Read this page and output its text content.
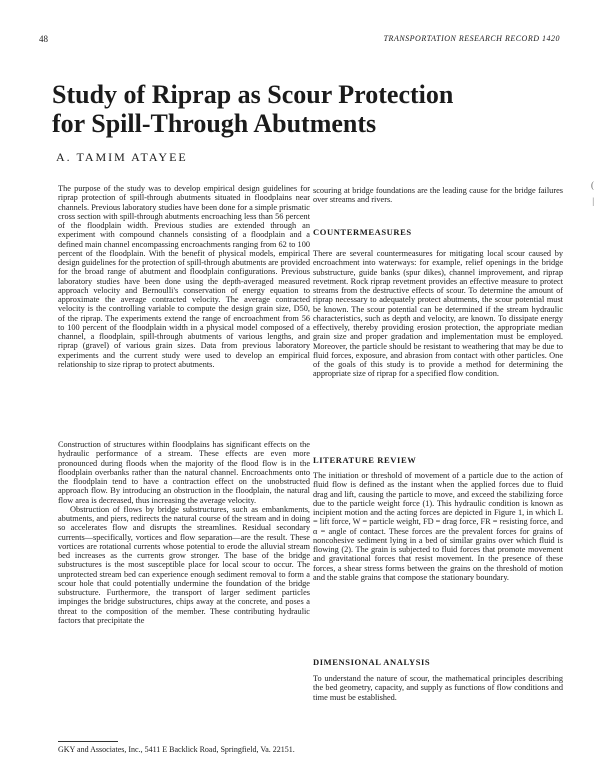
48	TRANSPORTATION RESEARCH RECORD 1420
Study of Riprap as Scour Protection for Spill-Through Abutments
A. TAMIM ATAYEE

The purpose of the study was to develop empirical design guidelines for riprap protection of spill-through abutments situated in floodplains near channels. Previous laboratory studies have been done for a simple prismatic cross section with spill-through abutments encroaching less than 56 percent of the floodplain width. Previous studies are extended through an experiment with compound channels consisting of a floodplain and a defined main channel encompassing encroachments ranging from 62 to 100 percent of the floodplain. With the benefit of physical models, empirical design guidelines for the protection of spill-through abutments are provided for the broad range of abutment and floodplain configurations. Previous laboratory studies have been done using the depth-averaged measured approach velocity and Bernoulli's conservation of energy equation to approximate the average contracted velocity. The average contracted velocity is the controlling variable to compute the design grain size, D50, of the riprap. The experiments extend the range of encroachment from 56 to 100 percent of the floodplain width in a physical model composed of a channel, a floodplain, spill-through abutments of various lengths, and riprap (gravel) of various grain sizes. Data from previous laboratory experiments and the current study were used to develop an empirical relationship to size riprap to protect abutments.

Construction of structures within floodplains has significant effects on the hydraulic performance of a stream. These effects are even more pronounced during floods when the majority of the flood flow is in the floodplain overbanks rather than the natural channel. Encroachments onto the floodplain tend to have a contraction effect on the unobstructed approach flow. By introducing an obstruction in the floodplain, the natural flow area is decreased, thus increasing the average velocity.

Obstruction of flows by bridge substructures, such as embankments, abutments, and piers, redirects the natural course of the stream and in doing so accelerates flow and disrupts the streamlines. Residual secondary currents—specifically, vortices and flow separation—are the result. These vortices are rotational currents whose potential to erode the alluvial stream bed increases as the currents grow stronger. The base of the bridge substructures is the most susceptible place for local scour to occur. The unprotected stream bed can experience enough sediment removal to form a scour hole that could potentially undermine the foundation of the bridge substructure. Furthermore, the transport of larger sediment particles impinges the bridge substructures, chips away at the concrete, and poses a threat to the composition of the member. These contributing hydraulic factors that precipitate the

GKY and Associates, Inc., 5411 E Backlick Road, Springfield, Va. 22151.

scouring at bridge foundations are the leading cause for the bridge failures over streams and rivers.

COUNTERMEASURES

There are several countermeasures for mitigating local scour caused by encroachment into waterways: for example, relief openings in the bridge substructure, guide banks (spur dikes), channel improvement, and riprap revetment. Rock riprap revetment provides an effective measure to protect streams from the destructive effects of scour. To determine the amount of riprap necessary to adequately protect abutments, the scour potential must be known. The scour potential can be determined if the stream hydraulic characteristics, such as depth and velocity, are known. To dissipate energy effectively, thereby providing erosion protection, the appropriate median grain size and proper gradation and implementation must be employed. Moreover, the particle should be resistant to weathering that may be due to fluid forces, exposure, and abrasion from contact with other particles. One of the goals of this study is to provide a method for determining the appropriate size of riprap for a specified flow condition.

LITERATURE REVIEW

The initiation or threshold of movement of a particle due to the action of fluid flow is defined as the instant when the applied forces due to fluid drag and lift, causing the particle to move, and exceed the stabilizing force due to the particle weight force (1). This hydraulic condition is known as incipient motion and the acting forces are depicted in Figure 1, in which L = lift force, W = particle weight, FD = drag force, FR = resisting force, and α = angle of contact. These forces are the prevalent forces for grains of noncohesive sediment lying in a bed of similar grains over which fluid is flowing (2). The grain is subjected to fluid forces that promote movement and gravitational forces that resist movement. In the presence of these forces, a shear stress forms between the grains on the threshold of motion and the stable grains that compose the stationary boundary.

DIMENSIONAL ANALYSIS

To understand the nature of scour, the mathematical principles describing the bed geometry, capacity, and supply as functions of flow conditions and time must be established.

(
|
